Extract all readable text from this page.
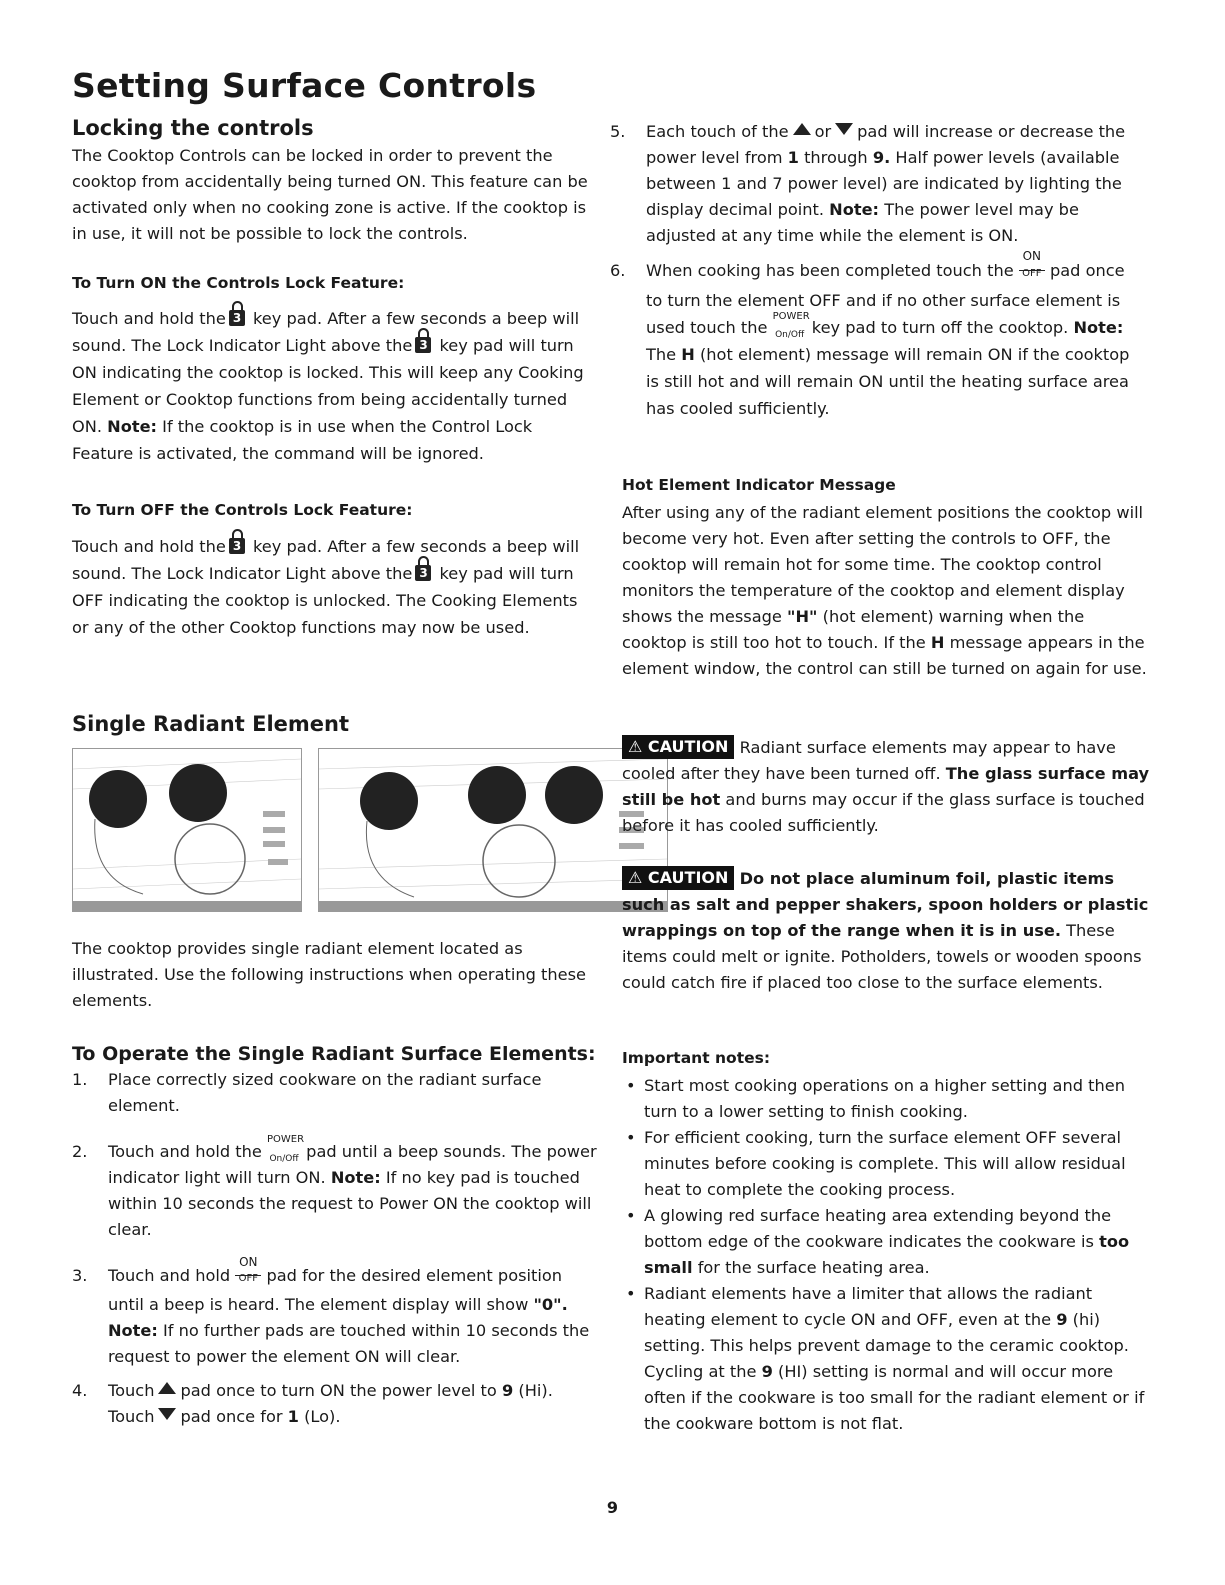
Setting Surface Controls
Locking the controls

The Cooktop Controls can be locked in order to prevent the cooktop from accidentally being turned ON. This feature can be activated only when no cooking zone is active. If the cooktop is in use, it will not be possible to lock the controls.

To Turn ON the Controls Lock Feature:

Touch and hold the 3 key pad. After a few seconds a beep will sound. The Lock Indicator Light above the 3 key pad will turn ON indicating the cooktop is locked. This will keep any Cooking Element or Cooktop functions from being accidentally turned ON. Note: If the cooktop is in use when the Control Lock Feature is activated, the command will be ignored.

To Turn OFF the Controls Lock Feature:

Touch and hold the 3 key pad. After a few seconds a beep will sound. The Lock Indicator Light above the 3 key pad will turn OFF indicating the cooktop is unlocked. The Cooking Elements or any of the other Cooktop functions may now be used.

Single Radiant Element

The cooktop provides single radiant element located as illustrated. Use the following instructions when operating these elements.

To Operate the Single Radiant Surface Elements:
1. Place correctly sized cookware on the radiant surface element.
2. Touch and hold the
POWER
On/Off pad until a beep sounds. The power indicator light will turn ON. Note: If no key pad is touched within 10 seconds the request to Power ON the cooktop will clear.
3. Touch and hold
ON
OFF pad for the desired element position until a beep is heard. The element display will show "0". Note: If no further pads are touched within 10 seconds the request to power the element ON will clear.
4. Touch pad once to turn ON the power level to 9 (Hi). Touch pad once for 1 (Lo).
5. Each touch of the or pad will increase or decrease the power level from 1 through 9. Half power levels (available between 1 and 7 power level) are indicated by lighting the display decimal point. Note: The power level may be adjusted at any time while the element is ON.
6. When cooking has been completed touch the
ON
OFF pad once to turn the element OFF and if no other surface element is used touch the
POWER
On/Off key pad to turn off the cooktop. Note: The H (hot element) message will remain ON if the cooktop is still hot and will remain ON until the heating surface area has cooled sufficiently.
Hot Element Indicator Message

After using any of the radiant element positions the cooktop will become very hot. Even after setting the controls to OFF, the cooktop will remain hot for some time. The cooktop control monitors the temperature of the cooktop and element display shows the message "H" (hot element) warning when the cooktop is still too hot to touch. If the H message appears in the element window, the control can still be turned on again for use.

⚠ CAUTION Radiant surface elements may appear to have cooled after they have been turned off. The glass surface may still be hot and burns may occur if the glass surface is touched before it has cooled sufficiently.

⚠ CAUTION Do not place aluminum foil, plastic items such as salt and pepper shakers, spoon holders or plastic wrappings on top of the range when it is in use. These items could melt or ignite. Potholders, towels or wooden spoons could catch fire if placed too close to the surface elements.

Important notes:
• Start most cooking operations on a higher setting and then turn to a lower setting to finish cooking.
• For efficient cooking, turn the surface element OFF several minutes before cooking is complete. This will allow residual heat to complete the cooking process.
• A glowing red surface heating area extending beyond the bottom edge of the cookware indicates the cookware is too small for the surface heating area.
• Radiant elements have a limiter that allows the radiant heating element to cycle ON and OFF, even at the 9 (hi) setting. This helps prevent damage to the ceramic cooktop. Cycling at the 9 (HI) setting is normal and will occur more often if the cookware is too small for the radiant element or if the cookware bottom is not flat.

9
